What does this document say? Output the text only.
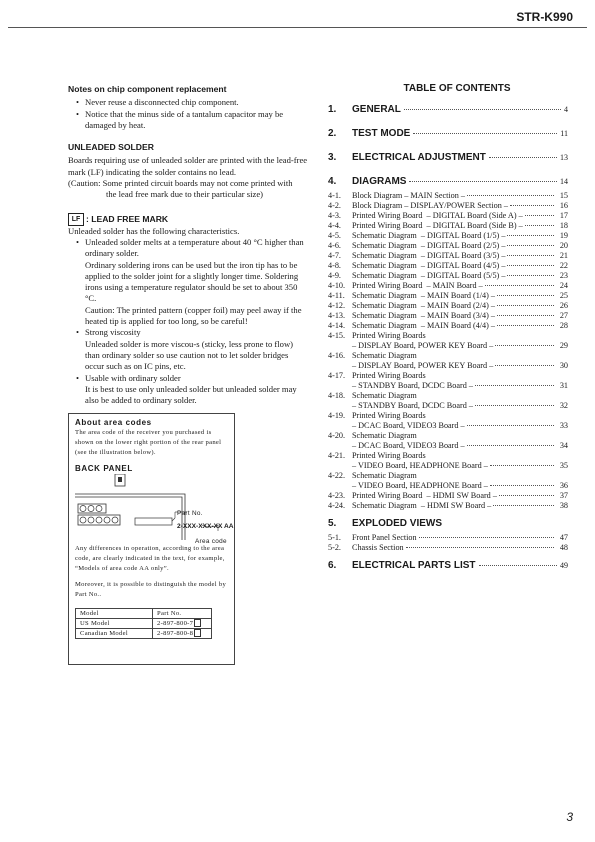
STR-K990
Notes on chip component replacement
• Never reuse a disconnected chip component.
• Notice that the minus side of a tantalum capacitor may be damaged by heat.
UNLEADED SOLDER

Boards requiring use of unleaded solder are printed with the lead-free mark (LF) indicating the solder contains no lead.

(Caution: Some printed circuit boards may not come printed with

the lead free mark due to their particular size)

LF : LEAD FREE MARK

Unleaded solder has the following characteristics.

• Unleaded solder melts at a temperature about 40 °C higher than ordinary solder.

Ordinary soldering irons can be used but the iron tip has to be applied to the solder joint for a slightly longer time. Soldering irons using a temperature regulator should be set to about 350 °C.

Caution: The printed pattern (copper foil) may peel away if the heated tip is applied for too long, so be careful!

• Strong viscosity

Unleaded solder is more viscou-s (sticky, less prone to flow) than ordinary solder so use caution not to let solder bridges occur such as on IC pins, etc.

• Usable with ordinary solder

It is best to use only unleaded solder but unleaded solder may also be added to ordinary solder.

About area codes
The area code of the receiver you purchased is shown on the lower right portion of the rear panel (see the illustration below).
BACK PANEL
Part No.
2-XXX-XXX-XX AA
Area code
Any differences in operation, according to the area code, are clearly indicated in the text, for example, “Models of area code AA only”.
Moreover, it is possible to distinguish the model by Part No..
Model	Part No.
US Model	2-897-800-7
Canadian Model	2-897-800-8
TABLE OF CONTENTS
1.	GENERAL	4
2.	TEST MODE	11
3.	ELECTRICAL ADJUSTMENT	13
4.	DIAGRAMS	14
4-1.	Block Diagram – MAIN Section –	15
4-2.	Block Diagram – DISPLAY/POWER Section –	16
4-3.	Printed Wiring Board  – DIGITAL Board (Side A) –	17
4-4.	Printed Wiring Board  – DIGITAL Board (Side B) –	18
4-5.	Schematic Diagram  – DIGITAL Board (1/5) –	19
4-6.	Schematic Diagram  – DIGITAL Board (2/5) –	20
4-7.	Schematic Diagram  – DIGITAL Board (3/5) –	21
4-8.	Schematic Diagram  – DIGITAL Board (4/5) –	22
4-9.	Schematic Diagram  – DIGITAL Board (5/5) –	23
4-10. Printed Wiring Board  – MAIN Board –	24
4-11. Schematic Diagram  – MAIN Board (1/4) –	25
4-12. Schematic Diagram  – MAIN Board (2/4) –	26
4-13. Schematic Diagram  – MAIN Board (3/4) –	27
4-14. Schematic Diagram  – MAIN Board (4/4) –	28
4-15. Printed Wiring Boards
– DISPLAY Board, POWER KEY Board –	29
4-16. Schematic Diagram
– DISPLAY Board, POWER KEY Board –	30
4-17. Printed Wiring Boards
– STANDBY Board, DCDC Board –	31
4-18. Schematic Diagram
– STANDBY Board, DCDC Board –	32
4-19. Printed Wiring Boards
– DCAC Board, VIDEO3 Board –	33
4-20. Schematic Diagram
– DCAC Board, VIDEO3 Board –	34
4-21. Printed Wiring Boards
– VIDEO Board, HEADPHONE Board –	35
4-22. Schematic Diagram
– VIDEO Board, HEADPHONE Board –	36
4-23. Printed Wiring Board  – HDMI SW Board –	37
4-24. Schematic Diagram  – HDMI SW Board –	38
5.	EXPLODED VIEWS
5-1.	Front Panel Section	47
5-2.	Chassis Section	48
6.	ELECTRICAL PARTS LIST	49
3
